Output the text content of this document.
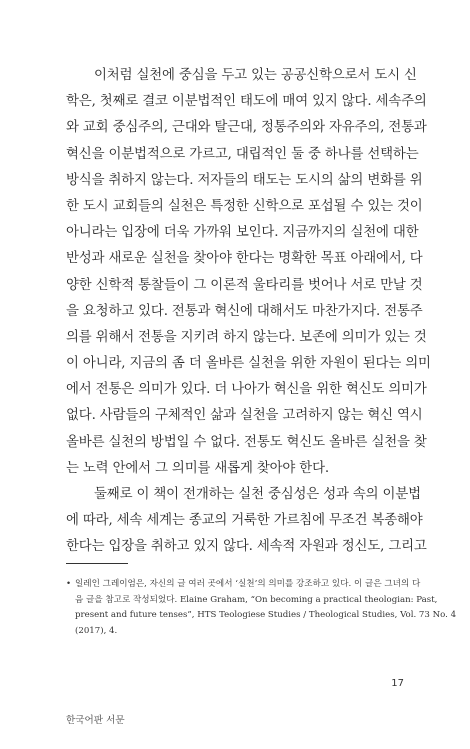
이처럼 실천에 중심을 두고 있는 공공신학으로서 도시 신
학은, 첫째로 결코 이분법적인 태도에 매여 있지 않다. 세속주의
와 교회 중심주의, 근대와 탈근대, 정통주의와 자유주의, 전통과
혁신을 이분법적으로 가르고, 대립적인 둘 중 하나를 선택하는
방식을 취하지 않는다. 저자들의 태도는 도시의 삶의 변화를 위
한 도시 교회들의 실천은 특정한 신학으로 포섭될 수 있는 것이
아니라는 입장에 더욱 가까워 보인다. 지금까지의 실천에 대한
반성과 새로운 실천을 찾아야 한다는 명확한 목표 아래에서, 다
양한 신학적 통찰들이 그 이론적 울타리를 벗어나 서로 만날 것
을 요청하고 있다. 전통과 혁신에 대해서도 마찬가지다. 전통주
의를 위해서 전통을 지키려 하지 않는다. 보존에 의미가 있는 것
이 아니라, 지금의 좀 더 올바른 실천을 위한 자원이 된다는 의미
에서 전통은 의미가 있다. 더 나아가 혁신을 위한 혁신도 의미가
없다. 사람들의 구체적인 삶과 실천을 고려하지 않는 혁신 역시
올바른 실천의 방법일 수 없다. 전통도 혁신도 올바른 실천을 찾
는 노력 안에서 그 의미를 새롭게 찾아야 한다.
둘째로 이 책이 전개하는 실천 중심성은 성과 속의 이분법
에 따라, 세속 세계는 종교의 거룩한 가르침에 무조건 복종해야
한다는 입장을 취하고 있지 않다. 세속적 자원과 정신도, 그리고
• 일레인 그레이엄은, 자신의 글 여러 곳에서 ‘실천’의 의미를 강조하고 있다. 이 글은 그녀의 다
음 글을 참고로 작성되었다. Elaine Graham, “On becoming a practical theologian: Past,
present and future tenses”, HTS Teologiese Studies / Theological Studies, Vol. 73 No. 4
(2017), 4.
17
한국어판 서문
